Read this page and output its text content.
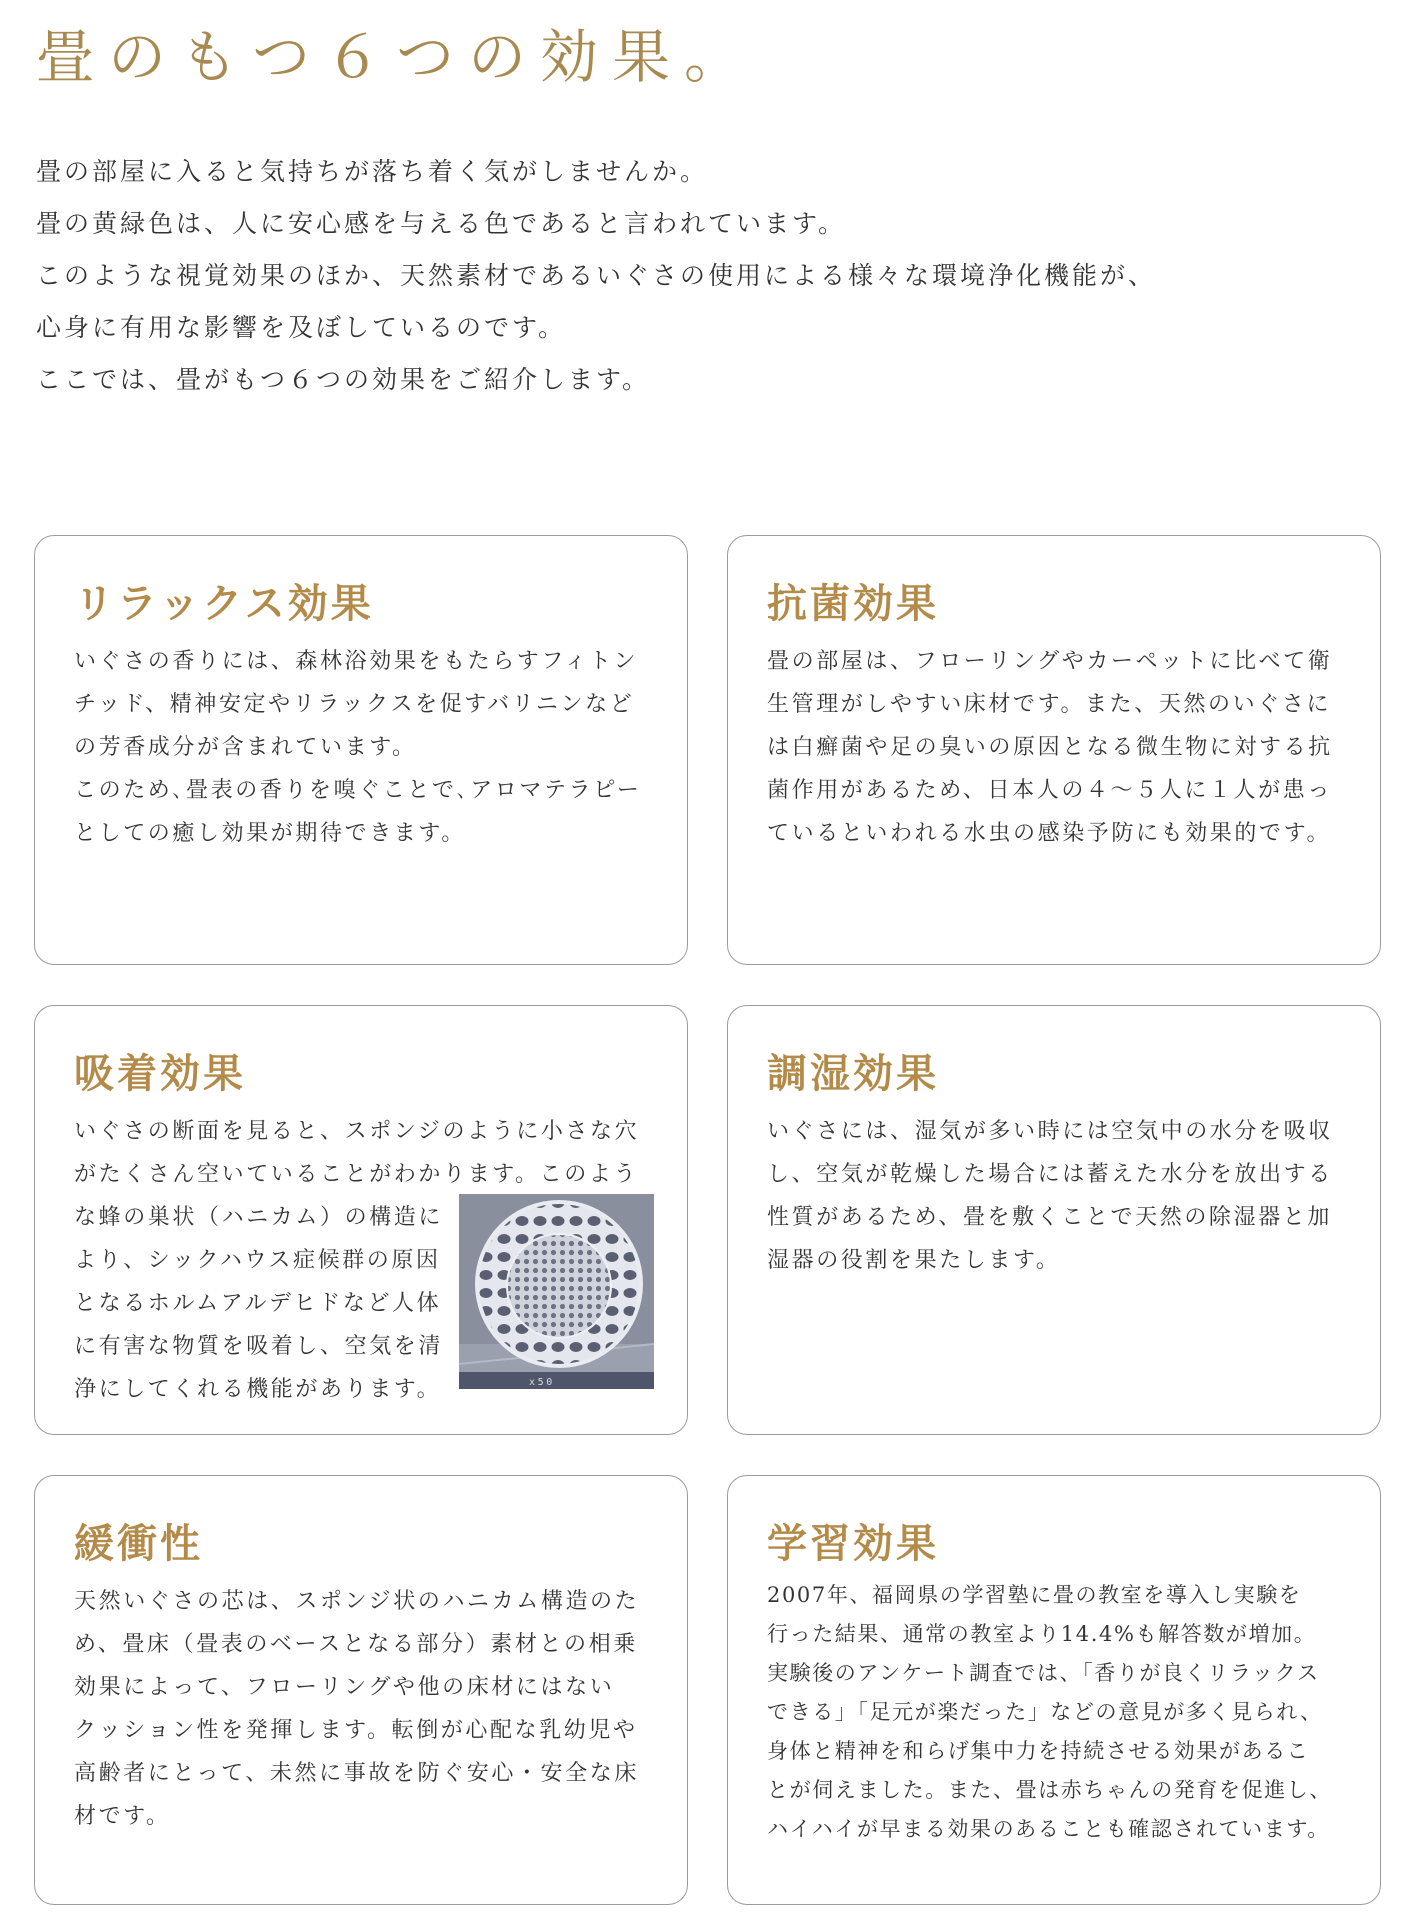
畳のもつ６つの効果。
畳の部屋に入ると気持ちが落ち着く気がしませんか。
畳の黄緑色は、人に安心感を与える色であると言われています。
このような視覚効果のほか、天然素材であるいぐさの使用による様々な環境浄化機能が、
心身に有用な影響を及ぼしているのです。
ここでは、畳がもつ６つの効果をご紹介します。
リラックス効果
いぐさの香りには、森林浴効果をもたらすフィトン
チッド、精神安定やリラックスを促すバリニンなど
の芳香成分が含まれています。
このため､畳表の香りを嗅ぐことで､アロマテラピー
としての癒し効果が期待できます。
抗菌効果
畳の部屋は、フローリングやカーペットに比べて衛
生管理がしやすい床材です。また、天然のいぐさに
は白癬菌や足の臭いの原因となる微生物に対する抗
菌作用があるため、日本人の４～５人に１人が患っ
ているといわれる水虫の感染予防にも効果的です。
吸着効果
いぐさの断面を見ると、スポンジのように小さな穴
がたくさん空いていることがわかります。このよう
x50
な蜂の巣状（ハニカム）の構造に
より、シックハウス症候群の原因
となるホルムアルデヒドなど人体
に有害な物質を吸着し、空気を清
浄にしてくれる機能があります。
調湿効果
いぐさには、湿気が多い時には空気中の水分を吸収
し、空気が乾燥した場合には蓄えた水分を放出する
性質があるため、畳を敷くことで天然の除湿器と加
湿器の役割を果たします。
緩衝性
天然いぐさの芯は、スポンジ状のハニカム構造のた
め、畳床（畳表のベースとなる部分）素材との相乗
効果によって、フローリングや他の床材にはない
クッション性を発揮します。転倒が心配な乳幼児や
高齢者にとって、未然に事故を防ぐ安心・安全な床
材です。
学習効果
2007年、福岡県の学習塾に畳の教室を導入し実験を
行った結果、通常の教室より14.4%も解答数が増加。
実験後のアンケート調査では、「香りが良くリラックス
できる」「足元が楽だった」などの意見が多く見られ、
身体と精神を和らげ集中力を持続させる効果があるこ
とが伺えました。また、畳は赤ちゃんの発育を促進し、
ハイハイが早まる効果のあることも確認されています。
